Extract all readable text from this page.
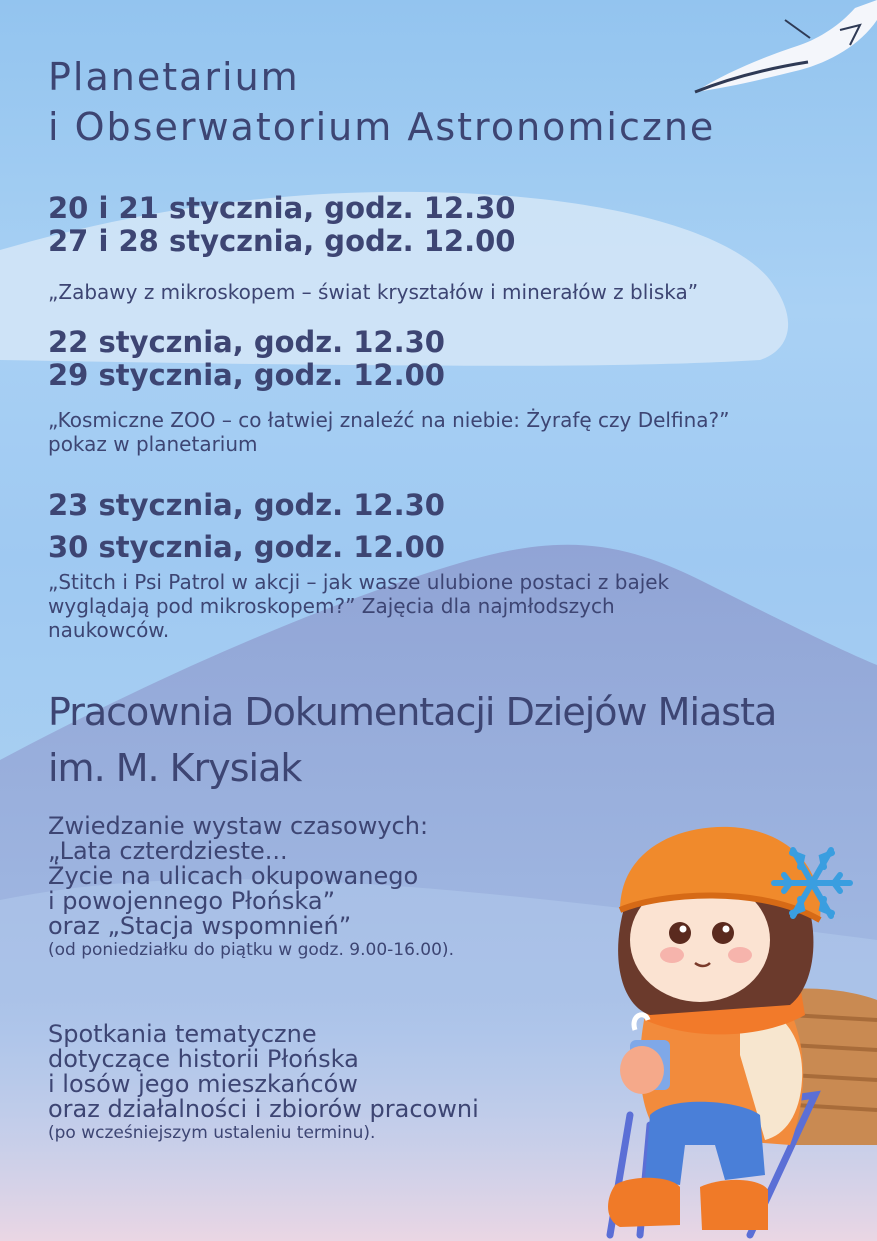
Planetarium
i Obserwatorium Astronomiczne
20 i 21 stycznia, godz. 12.30
27 i 28 stycznia, godz. 12.00
„Zabawy z mikroskopem – świat kryształów i minerałów z bliska”
22 stycznia, godz. 12.30
29 stycznia, godz. 12.00
„Kosmiczne ZOO – co łatwiej znaleźć na niebie: Żyrafę czy Delfina?”
pokaz w planetarium
23 stycznia, godz. 12.30
30 stycznia, godz. 12.00
„Stitch i Psi Patrol w akcji – jak wasze ulubione postaci z bajek
wyglądają pod mikroskopem?” Zajęcia dla najmłodszych
naukowców.
Pracownia Dokumentacji Dziejów Miasta
im. M. Krysiak
Zwiedzanie wystaw czasowych:
„Lata czterdzieste...
Życie na ulicach okupowanego
i powojennego Płońska”
oraz „Stacja wspomnień”
(od poniedziałku do piątku w godz. 9.00-16.00).
Spotkania tematyczne
dotyczące historii Płońska
i losów jego mieszkańców
oraz działalności i zbiorów pracowni
(po wcześniejszym ustaleniu terminu).
